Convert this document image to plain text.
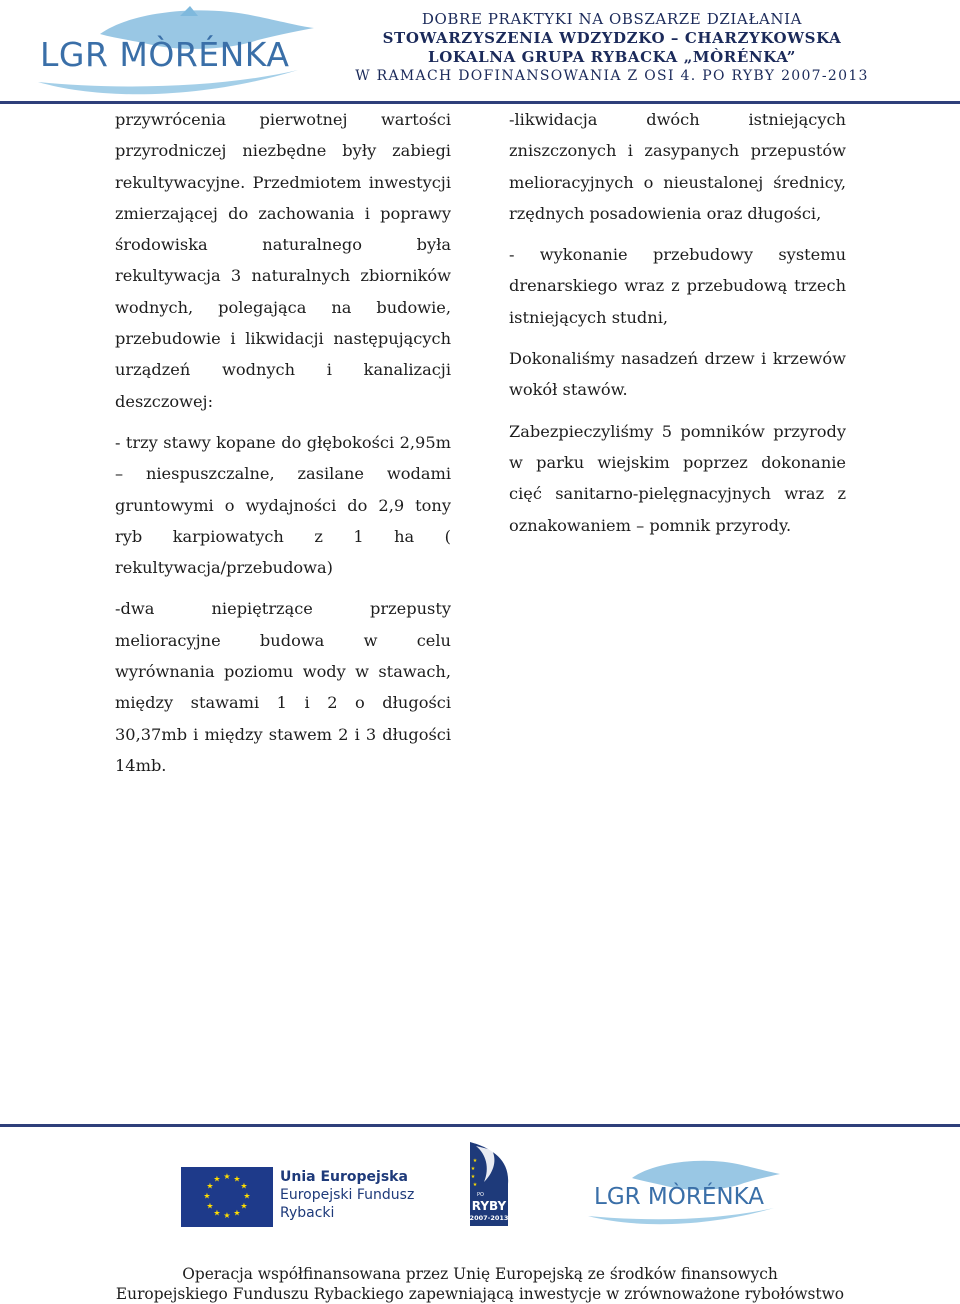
LGR MÒRÉNKA
DOBRE PRAKTYKI NA OBSZARZE DZIAŁANIA
STOWARZYSZENIA WDZYDZKO – CHARZYKOWSKA
LOKALNA GRUPA RYBACKA „MÒRÉNKA”
W RAMACH DOFINANSOWANIA Z OSI 4. PO RYBY 2007-2013

przywrócenia pierwotnej wartości przyrodniczej niezbędne były zabiegi rekultywacyjne. Przedmiotem inwestycji zmierzającej do zachowania i poprawy środowiska naturalnego była rekultywacja 3 naturalnych zbiorników wodnych, polegająca na budowie, przebudowie i likwidacji następujących urządzeń wodnych i kanalizacji deszczowej:

- trzy stawy kopane do głębokości 2,95m – niespuszczalne, zasilane wodami gruntowymi o wydajności do 2,9 tony ryb karpiowatych z 1 ha ( rekultywacja/przebudowa)

-dwa niepiętrzące przepusty melioracyjne budowa w celu wyrównania poziomu wody w stawach, między stawami 1 i 2 o długości 30,37mb i między stawem 2 i 3 długości 14mb.

-likwidacja dwóch istniejących zniszczonych i zasypanych przepustów melioracyjnych o nieustalonej średnicy, rzędnych posadowienia oraz długości,

- wykonanie przebudowy systemu drenarskiego wraz z przebudową trzech istniejących studni,

Dokonaliśmy nasadzeń drzew i krzewów wokół stawów.

Zabezpieczyliśmy 5 pomników przyrody w parku wiejskim poprzez dokonanie cięć sanitarno-pielęgnacyjnych wraz z oznakowaniem – pomnik przyrody.

★ ★
★
★
★
★
★
★
★
★
★
★	Unia Europejska
Europejski Fundusz
Rybacki
★
★
★
★
PO
RYBY
2007-2013
LGR MÒRÉNKA
Operacja współfinansowana przez Unię Europejską ze środków finansowych
Europejskiego Funduszu Rybackiego zapewniającą inwestycje w zrównoważone rybołówstwo
